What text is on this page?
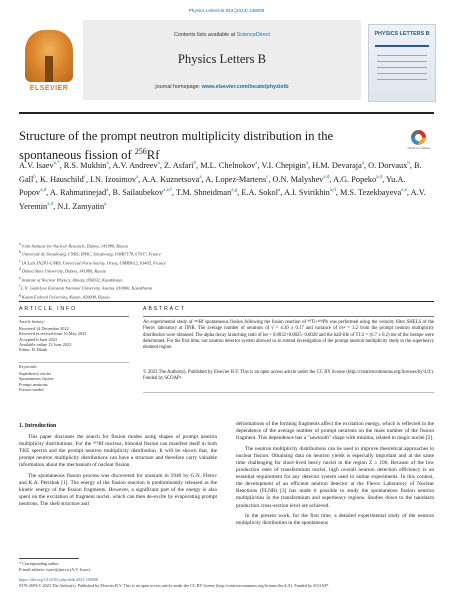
Physics Letters B 843 (2023) 138008
ELSEVIER
Contents lists available at ScienceDirect
Physics Letters B
journal homepage: www.elsevier.com/locate/physletb
PHYSICS LETTERS B
Structure of the prompt neutron multiplicity distribution in the spontaneous fission of $^{256}$Rf
Check for updates
A.V. Isaev$^{a,*}$, R.S. Mukhin$^a$, A.V. Andreev$^a$, Z. Asfari$^b$, M.L. Chelnokov$^a$, V.I. Chepigin$^a$, H.M. Devaraja$^a$, O. Dorvaux$^b$, B. Gall$^b$, K. Hauschild$^c$, I.N. Izosimov$^a$, A.A. Kuznetsova$^a$, A. Lopez-Martens$^c$, O.N. Malyshev$^{a,d}$, A.G. Popeko$^{a,d}$, Yu.A. Popov$^{a,d}$, A. Rahmatinejad$^a$, B. Sailaubekov$^{a,e,f}$, T.M. Shneidman$^{a,g}$, E.A. Sokol$^a$, A.I. Svirikhin$^{a,d}$, M.S. Tezekbayeva$^{a,e}$, A.V. Yeremin$^{a,d}$, N.I. Zamyatin$^a$
$^a$ Joint Institute for Nuclear Research, Dubna, 141980, Russia
$^b$ Université de Strasbourg, CNRS, IPHC, Strasbourg, UMR7178, 67037, France
$^c$ IJCLab, IN2P3-CNRS, Université Paris-Saclay, Orsay, UMR9012, 91405, France
$^d$ Dubna State University, Dubna, 141980, Russia
$^e$ Institute of Nuclear Physics, Almaty, 050032, Kazakhstan
$^f$ L.N. Gumilyov Eurasian National University, Astana, 010000, Kazakhstan
$^g$ Kazan Federal University, Kazan, 420008, Russia
ARTICLE INFO
Article history:
Received 14 December 2022
Received in revised form 16 May 2023
Accepted 6 June 2023
Available online 12 June 2023
Editor: B. Blank
Keywords:
Superheavy nuclei
Spontaneous fission
Prompt neutrons
Fission modes
ABSTRACT
An experimental study of ²⁵⁶Rf spontaneous fission following the fusion reaction of ⁵⁰Ti+²⁰⁸Pb was performed using the velocity filter SHELS of the Flerov laboratory at JINR. The average number of neutrons of ν̄ = 4.30 ± 0.17 and variance of σν² = 3.2 from the prompt neutron multiplicity distribution were obtained. The alpha decay branching ratio of bα = 0.0032+0.0025−0.0020 and the half-life of T1/2 = (6.7 ± 0.2) ms of the isotope were determined. For the first time, our neutron detector system allowed us to extend investigation of the prompt neutron multiplicity study to the superheavy element region.
© 2023 The Author(s). Published by Elsevier B.V. This is an open access article under the CC BY license (http://creativecommons.org/licenses/by/4.0/). Funded by SCOAP³.
1. Introduction

This paper discusses the search for fission modes using shapes of prompt neutron multiplicity distributions. For the ²⁵⁶Rf nucleus, bimodal fission can manifest itself in both TKE spectra and the prompt neutron multiplicity distribution. It will be shown that, the prompt neutron multiplicity distributions can have a structure and therefore carry valuable information about the mechanism of nuclear fission.

The spontaneous fission process was discovered for uranium in 1940 by G.N. Flerov and K.A. Petrzhak [1]. The energy of the fission reaction is predominantly released as the kinetic energy of the fission fragments. However, a significant part of the energy is also spent on the excitation of fragment nuclei, which can then de-excite by evaporating prompt neutrons. The shell structure and

deformations of the forming fragments affect the excitation energy, which is reflected in the dependence of the average number of prompt neutrons on the mass number of the fission fragment. This dependence has a "sawtooth" shape with minima, related to magic nuclei [2].

The neutron multiplicity distributions can be used to improve theoretical approaches to nuclear fission. Obtaining data on neutron yields is especially important and at the same time challenging for short-lived heavy nuclei in the region Z ≥ 100. Because of the low production rates of transfermium nuclei, high overall neutron detection efficiency is an essential requirement for any detector system used in online experiments. In this context, the development of an efficient neutron detector at the Flerov Laboratory of Nuclear Reactions (FLNR) [3] has made it possible to study the spontaneous fission neutron multiplicities in the transfermium and superheavy regions. Studies down to the nanobarn production cross-section level are achieved.

In the present work, for the first time, a detailed experimental study of the neutron multiplicity distribution in the spontaneous

* Corresponding author.
E-mail address: isaev@jinr.ru (A.V. Isaev).
https://doi.org/10.1016/j.physletb.2023.138008
0370-2693/© 2023 The Author(s). Published by Elsevier B.V. This is an open access article under the CC BY license (http://creativecommons.org/licenses/by/4.0/). Funded by SCOAP³.
